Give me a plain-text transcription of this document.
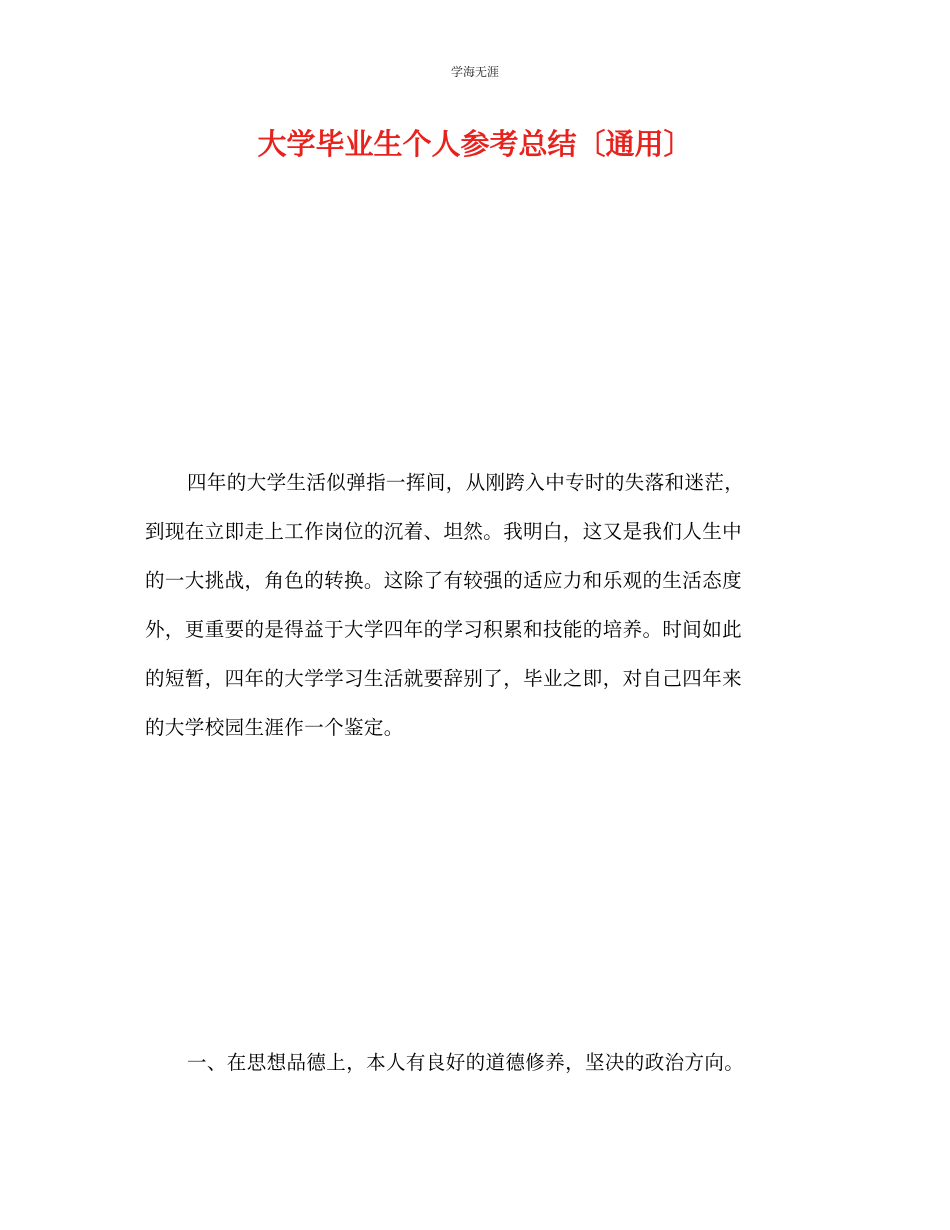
学海无涯
大学毕业生个人参考总结〔通用〕
四年的大学生活似弹指一挥间，从刚跨入中专时的失落和迷茫，
到现在立即走上工作岗位的沉着、坦然。我明白，这又是我们人生中
的一大挑战，角色的转换。这除了有较强的适应力和乐观的生活态度
外，更重要的是得益于大学四年的学习积累和技能的培养。时间如此
的短暂，四年的大学学习生活就要辞别了，毕业之即，对自己四年来
的大学校园生涯作一个鉴定。
一、在思想品德上，本人有良好的道德修养，坚决的政治方向。
